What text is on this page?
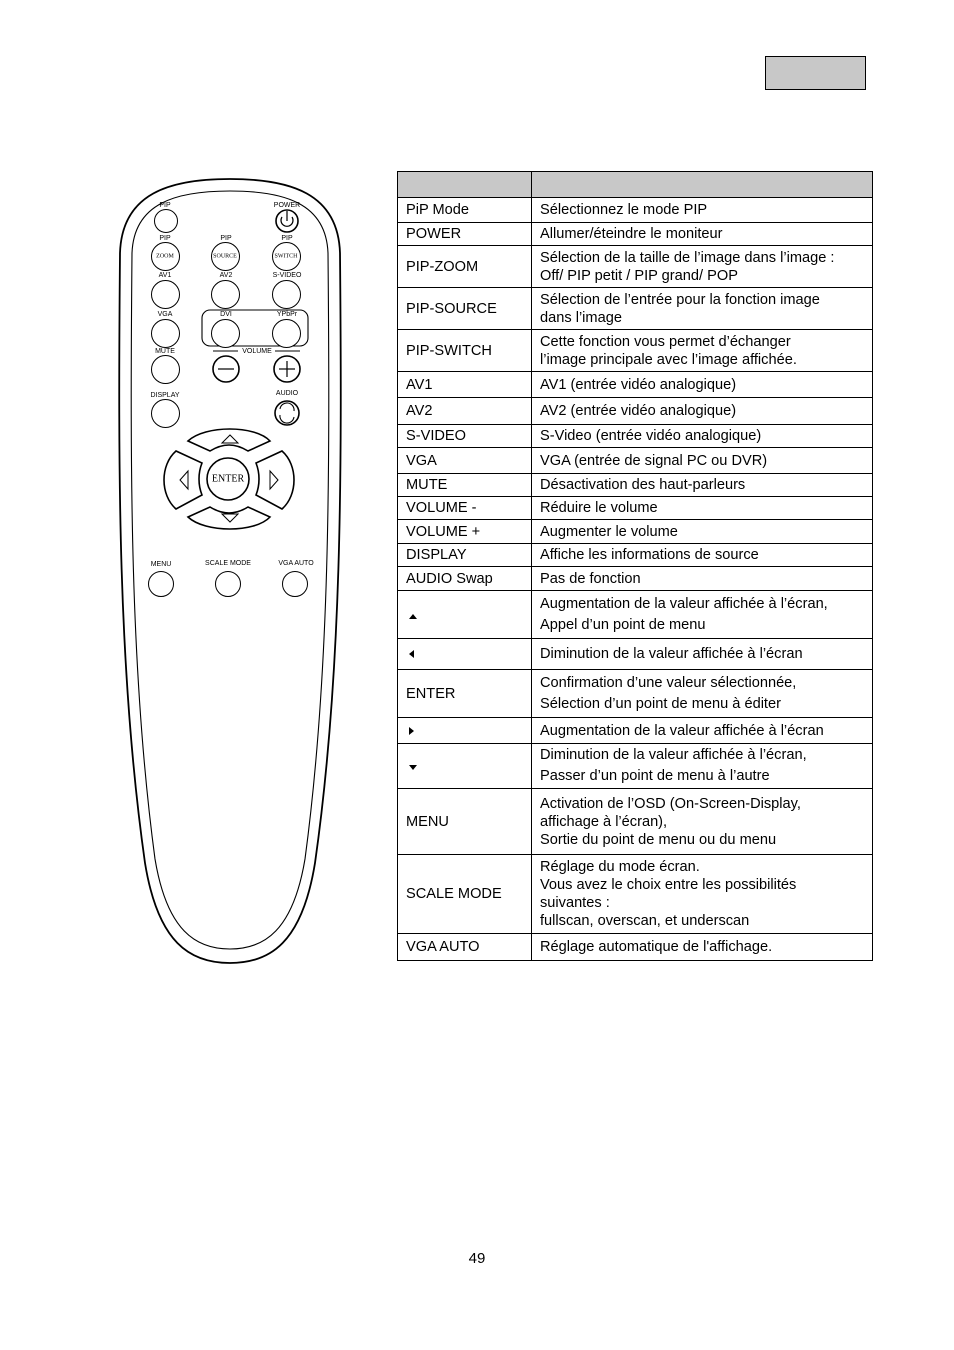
PIP	POWER
PIP	PIP	PIP
ZOOM	SOURCE	SWITCH
AV1	AV2	S-VIDEO
VGA	DVI	YPbPr
MUTE	VOLUME
DISPLAY	AUDIO
ENTER
MENU	SCALE MODE	VGA AUTO

PiP Mode	Sélectionnez le mode PIP

POWER	Allumer/éteindre le moniteur

PIP-ZOOM	Sélection de la taille de l’image dans l’image :
Off/ PIP petit / PIP grand/ POP

PIP-SOURCE	Sélection de l’entrée pour la fonction image
dans l’image

PIP-SWITCH	Cette fonction vous permet d’échanger
l’image principale avec l’image affichée.

AV1	AV1 (entrée vidéo analogique)

AV2	AV2 (entrée vidéo analogique)

S-VIDEO	S-Video (entrée vidéo analogique)

VGA	VGA (entrée de signal PC ou DVR)

MUTE	Désactivation des haut-parleurs

VOLUME -	Réduire le volume

VOLUME +	Augmenter le volume

DISPLAY	Affiche les informations de source

AUDIO Swap	Pas de fonction

	Augmentation de la valeur affichée à l’écran,
Appel d’un point de menu

	Diminution de la valeur affichée à l’écran

ENTER	Confirmation d’une valeur sélectionnée,
Sélection d’un point de menu à éditer

	Augmentation de la valeur affichée à l’écran

	Diminution de la valeur affichée à l’écran,
Passer d’un point de menu à l’autre

MENU	Activation de l’OSD (On-Screen-Display,
affichage à l’écran),
Sortie du point de menu ou du menu

SCALE MODE	Réglage du mode écran.
Vous avez le choix entre les possibilités
suivantes :
fullscan, overscan, et underscan

VGA AUTO	Réglage automatique de l'affichage.
49
